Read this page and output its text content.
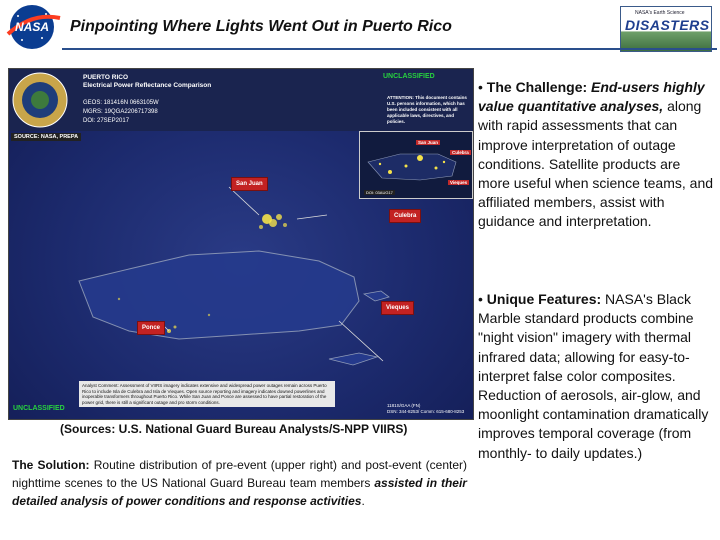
NASA Pinpointing Where Lights Went Out in Puerto Rico
NASA's Earth Science
DISASTERS
PUERTO RICO
Electrical Power Reflectance Comparison
GEOS: 181416N 0663105W
MGRS: 19QGA2206717398
DOI: 27SEP2017
UNCLASSIFIED
ATTENTION: This document contains U.S. persons information, which has been included consistent with all applicable laws, directives, and policies.
SOURCE: NASA, PREPA
San Juan
Culebra
Vieques
DOI: 03AUG17
San Juan
Culebra
Vieques
Ponce
Analyst Comment: Assessment of VIIRS imagery indicates extensive and widespread power outages remain across Puerto Rico to include Isla de Culebra and Isla de Vieques. Open source reporting and imagery indicates downed powerlines and inoperable transformers throughout Puerto Rico. While San Juan and Ponce are assessed to have partial restoration of the power grid, there is still a significant outage and pro storm conditions.
1181S/GAA (FN)
DSN: 344-8253/ Comm: 615-680-8253
UNCLASSIFIED
(Sources: U.S. National Guard Bureau Analysts/S-NPP VIIRS)
The Solution: Routine distribution of pre-event (upper right) and post-event (center) nighttime scenes to the US National Guard Bureau team members assisted in their detailed analysis of power conditions and response activities.
• The Challenge: End-users highly value quantitative analyses, along with rapid assessments that can improve interpretation of outage conditions. Satellite products are more useful when science teams, and affiliated members, assist with guidance and interpretation.
• Unique Features: NASA's Black Marble standard products combine "night vision" imagery with thermal infrared data; allowing for easy-to-interpret false color composites. Reduction of aerosols, air-glow, and moonlight contamination dramatically improves temporal coverage (from monthly- to daily updates.)
